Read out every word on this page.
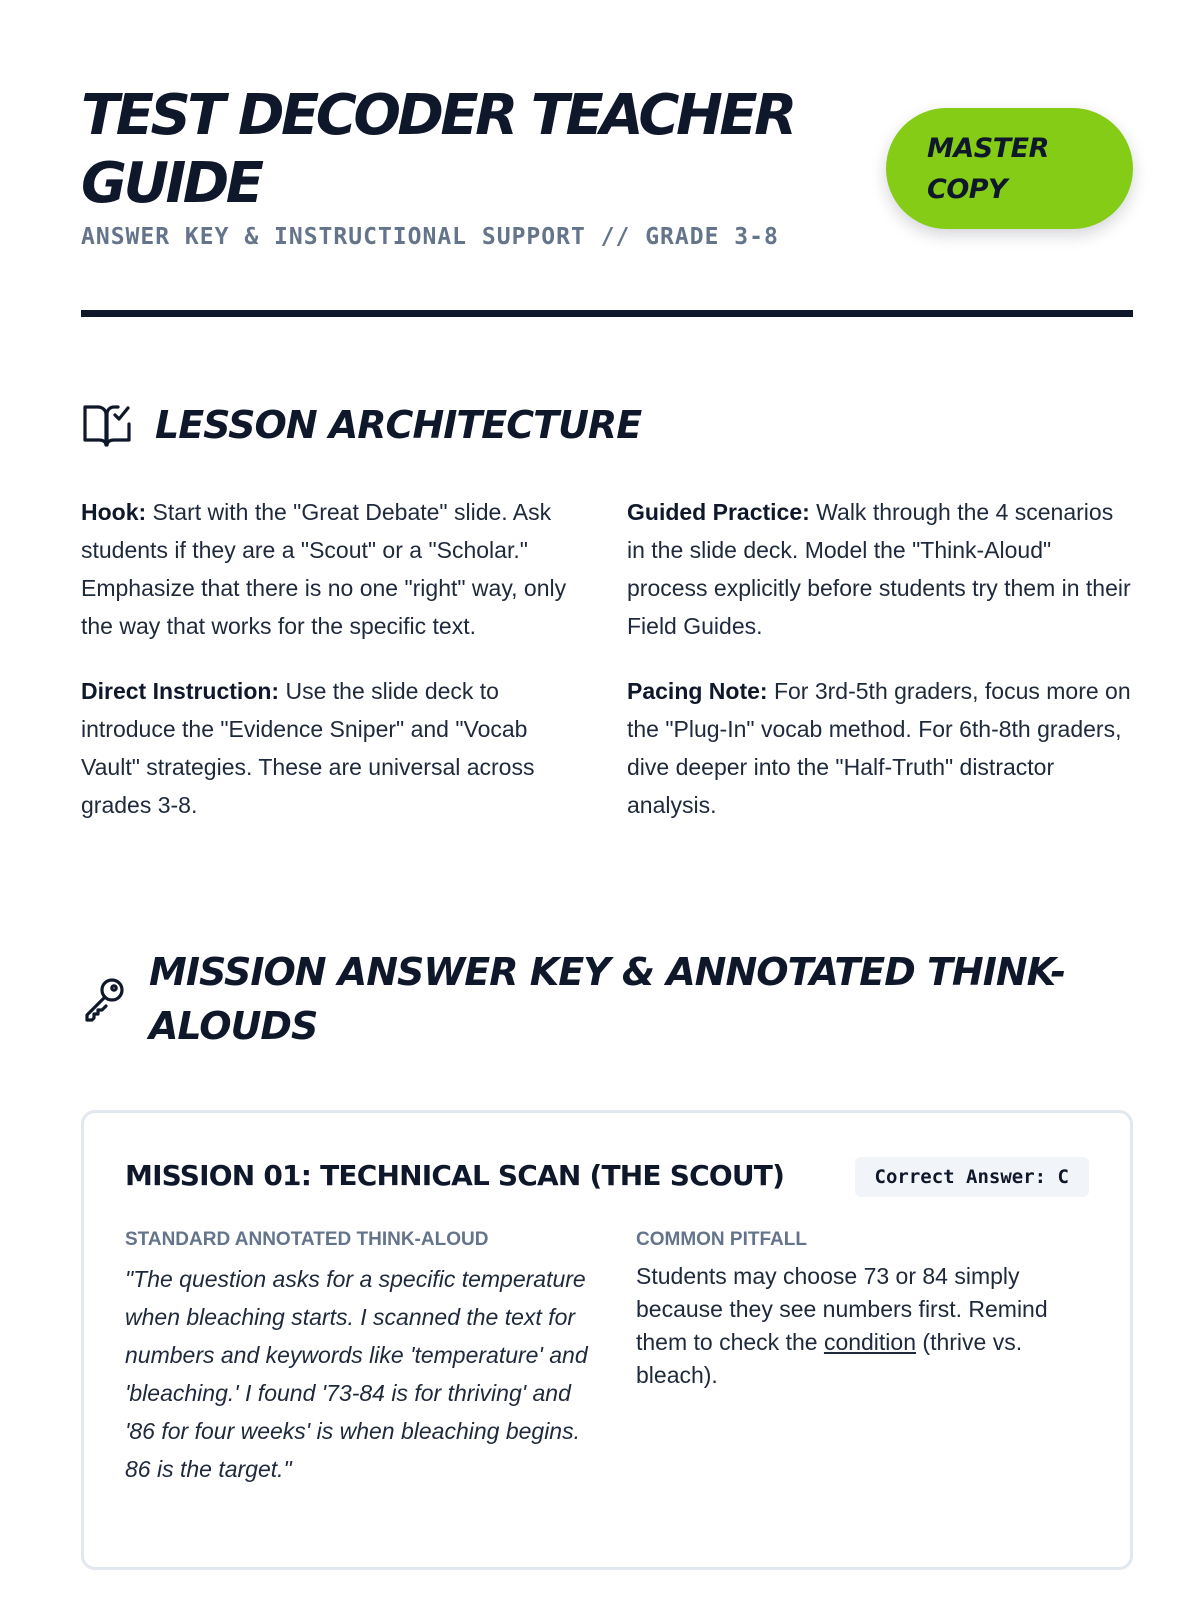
TEST DECODER TEACHER GUIDE
ANSWER KEY & INSTRUCTIONAL SUPPORT // GRADE 3-8
MASTER
COPY
LESSON ARCHITECTURE

Hook: Start with the "Great Debate" slide. Ask students if they are a "Scout" or a "Scholar." Emphasize that there is no one "right" way, only the way that works for the specific text.

Direct Instruction: Use the slide deck to introduce the "Evidence Sniper" and "Vocab Vault" strategies. These are universal across grades 3-8.

Guided Practice: Walk through the 4 scenarios in the slide deck. Model the "Think-Aloud" process explicitly before students try them in their Field Guides.

Pacing Note: For 3rd-5th graders, focus more on the "Plug-In" vocab method. For 6th-8th graders, dive deeper into the "Half-Truth" distractor analysis.

MISSION ANSWER KEY & ANNOTATED THINK-ALOUDS
MISSION 01: TECHNICAL SCAN (THE SCOUT)	Correct Answer: C
STANDARD ANNOTATED THINK-ALOUD
"The question asks for a specific temperature when bleaching starts. I scanned the text for numbers and keywords like 'temperature' and 'bleaching.' I found '73-84 is for thriving' and '86 for four weeks' is when bleaching begins. 86 is the target."
COMMON PITFALL
Students may choose 73 or 84 simply because they see numbers first. Remind them to check the condition (thrive vs. bleach).
